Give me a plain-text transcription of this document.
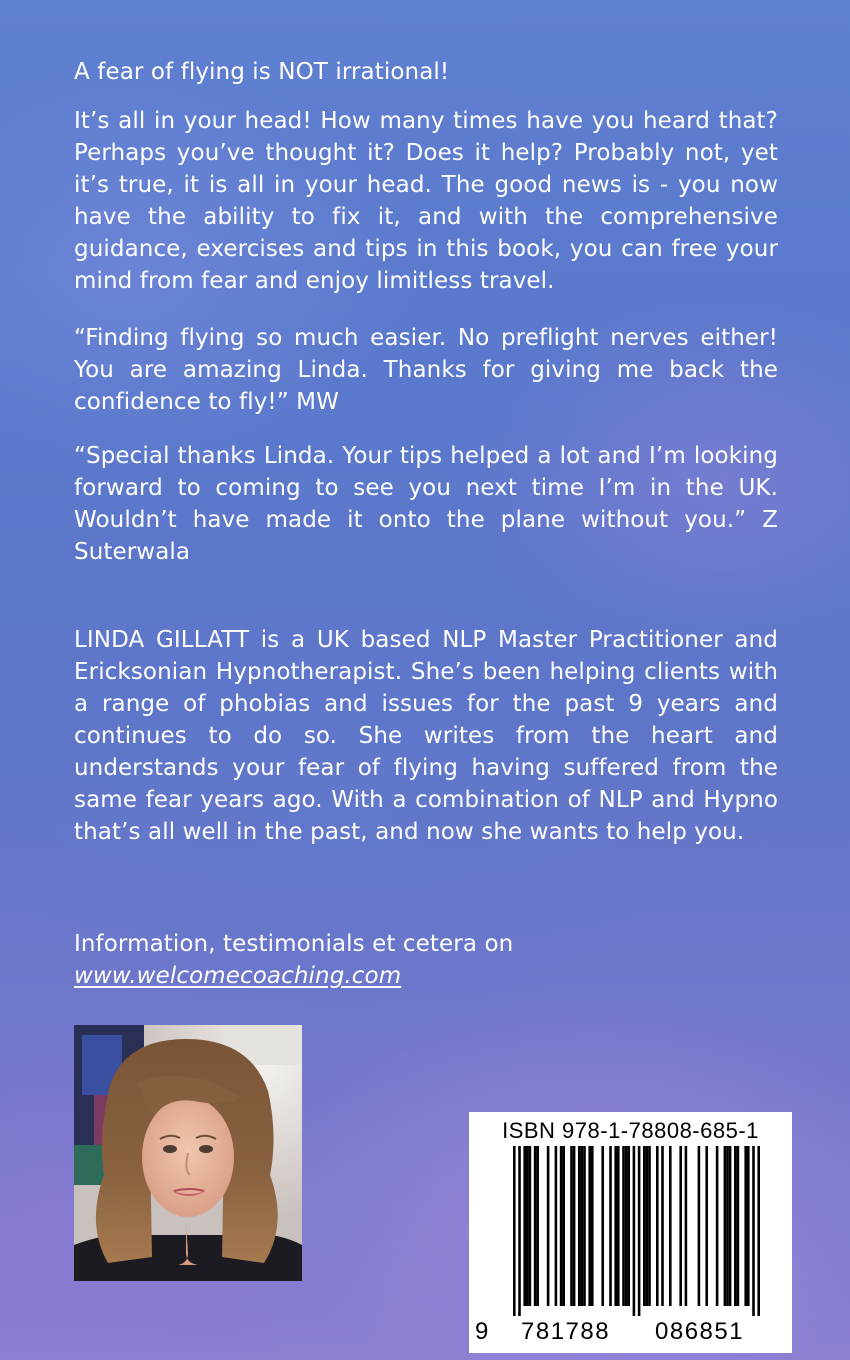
A fear of flying is NOT irrational!
It’s all in your head! How many times have you heard that? Perhaps you’ve thought it? Does it help? Probably not, yet it’s true, it is all in your head. The good news is - you now have the ability to fix it, and with the comprehensive guidance, exercises and tips in this book, you can free your mind from fear and enjoy limitless travel.
“Finding flying so much easier. No preflight nerves either! You are amazing Linda. Thanks for giving me back the confidence to fly!” MW
“Special thanks Linda. Your tips helped a lot and I’m looking forward to coming to see you next time I’m in the UK. Wouldn’t have made it onto the plane without you.” Z Suterwala
LINDA GILLATT is a UK based NLP Master Practitioner and Ericksonian Hypnotherapist. She’s been helping clients with a range of phobias and issues for the past 9 years and continues to do so. She writes from the heart and understands your fear of flying having suffered from the same fear years ago. With a combination of NLP and Hypno that’s all well in the past, and now she wants to help you.
Information, testimonials et cetera on
www.welcomecoaching.com
ISBN 978-1-78808-685-1
9 781788 086851
